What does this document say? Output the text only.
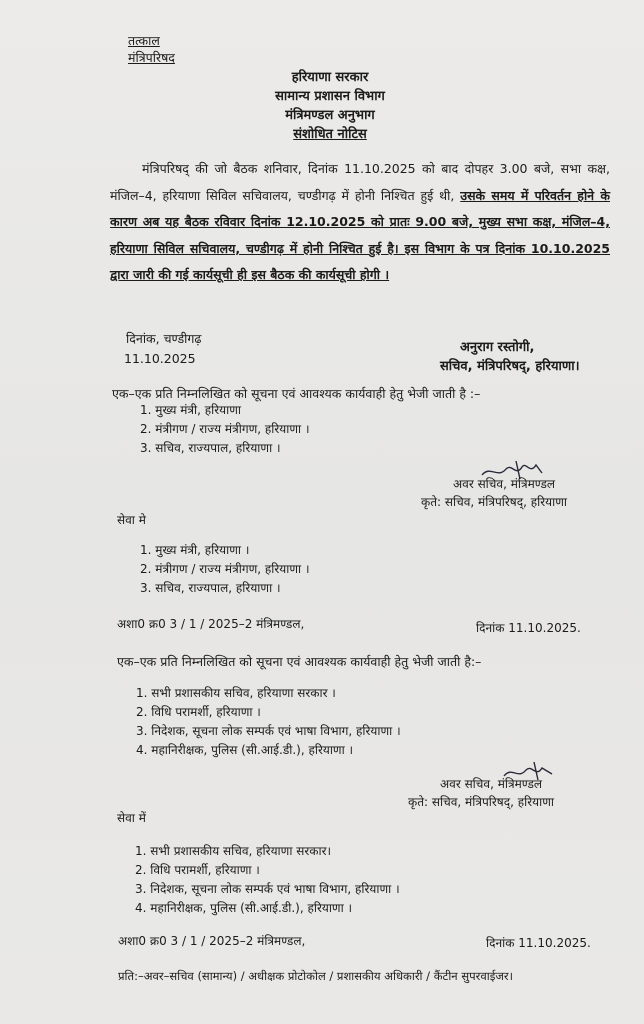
तत्काल
मंत्रिपरिषद
हरियाणा सरकार
सामान्य प्रशासन विभाग
मंत्रिमण्डल अनुभाग
संशोधित नोटिस
मंत्रिपरिषद् की जो बैठक शनिवार, दिनांक 11.10.2025 को बाद दोपहर 3.00 बजे, सभा कक्ष, मंजिल–4, हरियाणा सिविल सचिवालय, चण्डीगढ़ में होनी निश्चित हुई थी, उसके समय में परिवर्तन होने के कारण अब यह बैठक रविवार दिनांक 12.10.2025 को प्रातः 9.00 बजे, मुख्य सभा कक्ष, मंजिल–4, हरियाणा सिविल सचिवालय, चण्डीगढ़ में होनी निश्चित हुई है। इस विभाग के पत्र दिनांक 10.10.2025 द्वारा जारी की गई कार्यसूची ही इस बैठक की कार्यसूची होगी ।
दिनांक, चण्डीगढ़
11.10.2025
अनुराग रस्तोगी,
सचिव, मंत्रिपरिषद्, हरियाणा।
एक–एक प्रति निम्नलिखित को सूचना एवं आवश्यक कार्यवाही हेतु भेजी जाती है :–
1. मुख्य मंत्री, हरियाणा
2. मंत्रीगण / राज्य मंत्रीगण, हरियाणा ।
3. सचिव, राज्यपाल, हरियाणा ।
अवर सचिव, मंत्रिमण्डल
कृते: सचिव, मंत्रिपरिषद्, हरियाणा
सेवा मे
1. मुख्य मंत्री, हरियाणा ।
2. मंत्रीगण / राज्य मंत्रीगण, हरियाणा ।
3. सचिव, राज्यपाल, हरियाणा ।
अशा0 क्र0 3 / 1 / 2025–2 मंत्रिमण्डल,	दिनांक 11.10.2025.
एक–एक प्रति निम्नलिखित को सूचना एवं आवश्यक कार्यवाही हेतु भेजी जाती है:–
1. सभी प्रशासकीय सचिव, हरियाणा सरकार ।
2. विधि परामर्शी, हरियाणा ।
3. निदेशक, सूचना लोक सम्पर्क एवं भाषा विभाग, हरियाणा ।
4. महानिरीक्षक, पुलिस (सी.आई.डी.), हरियाणा ।
अवर सचिव, मंत्रिमण्डल
कृते: सचिव, मंत्रिपरिषद्, हरियाणा
सेवा में
1. सभी प्रशासकीय सचिव, हरियाणा सरकार।
2. विधि परामर्शी, हरियाणा ।
3. निदेशक, सूचना लोक सम्पर्क एवं भाषा विभाग, हरियाणा ।
4. महानिरीक्षक, पुलिस (सी.आई.डी.), हरियाणा ।
अशा0 क्र0 3 / 1 / 2025–2 मंत्रिमण्डल,	दिनांक 11.10.2025.
प्रति:–अवर–सचिव (सामान्य) / अधीक्षक प्रोटोकोल / प्रशासकीय अधिकारी / कैंटीन सुपरवाईजर।
